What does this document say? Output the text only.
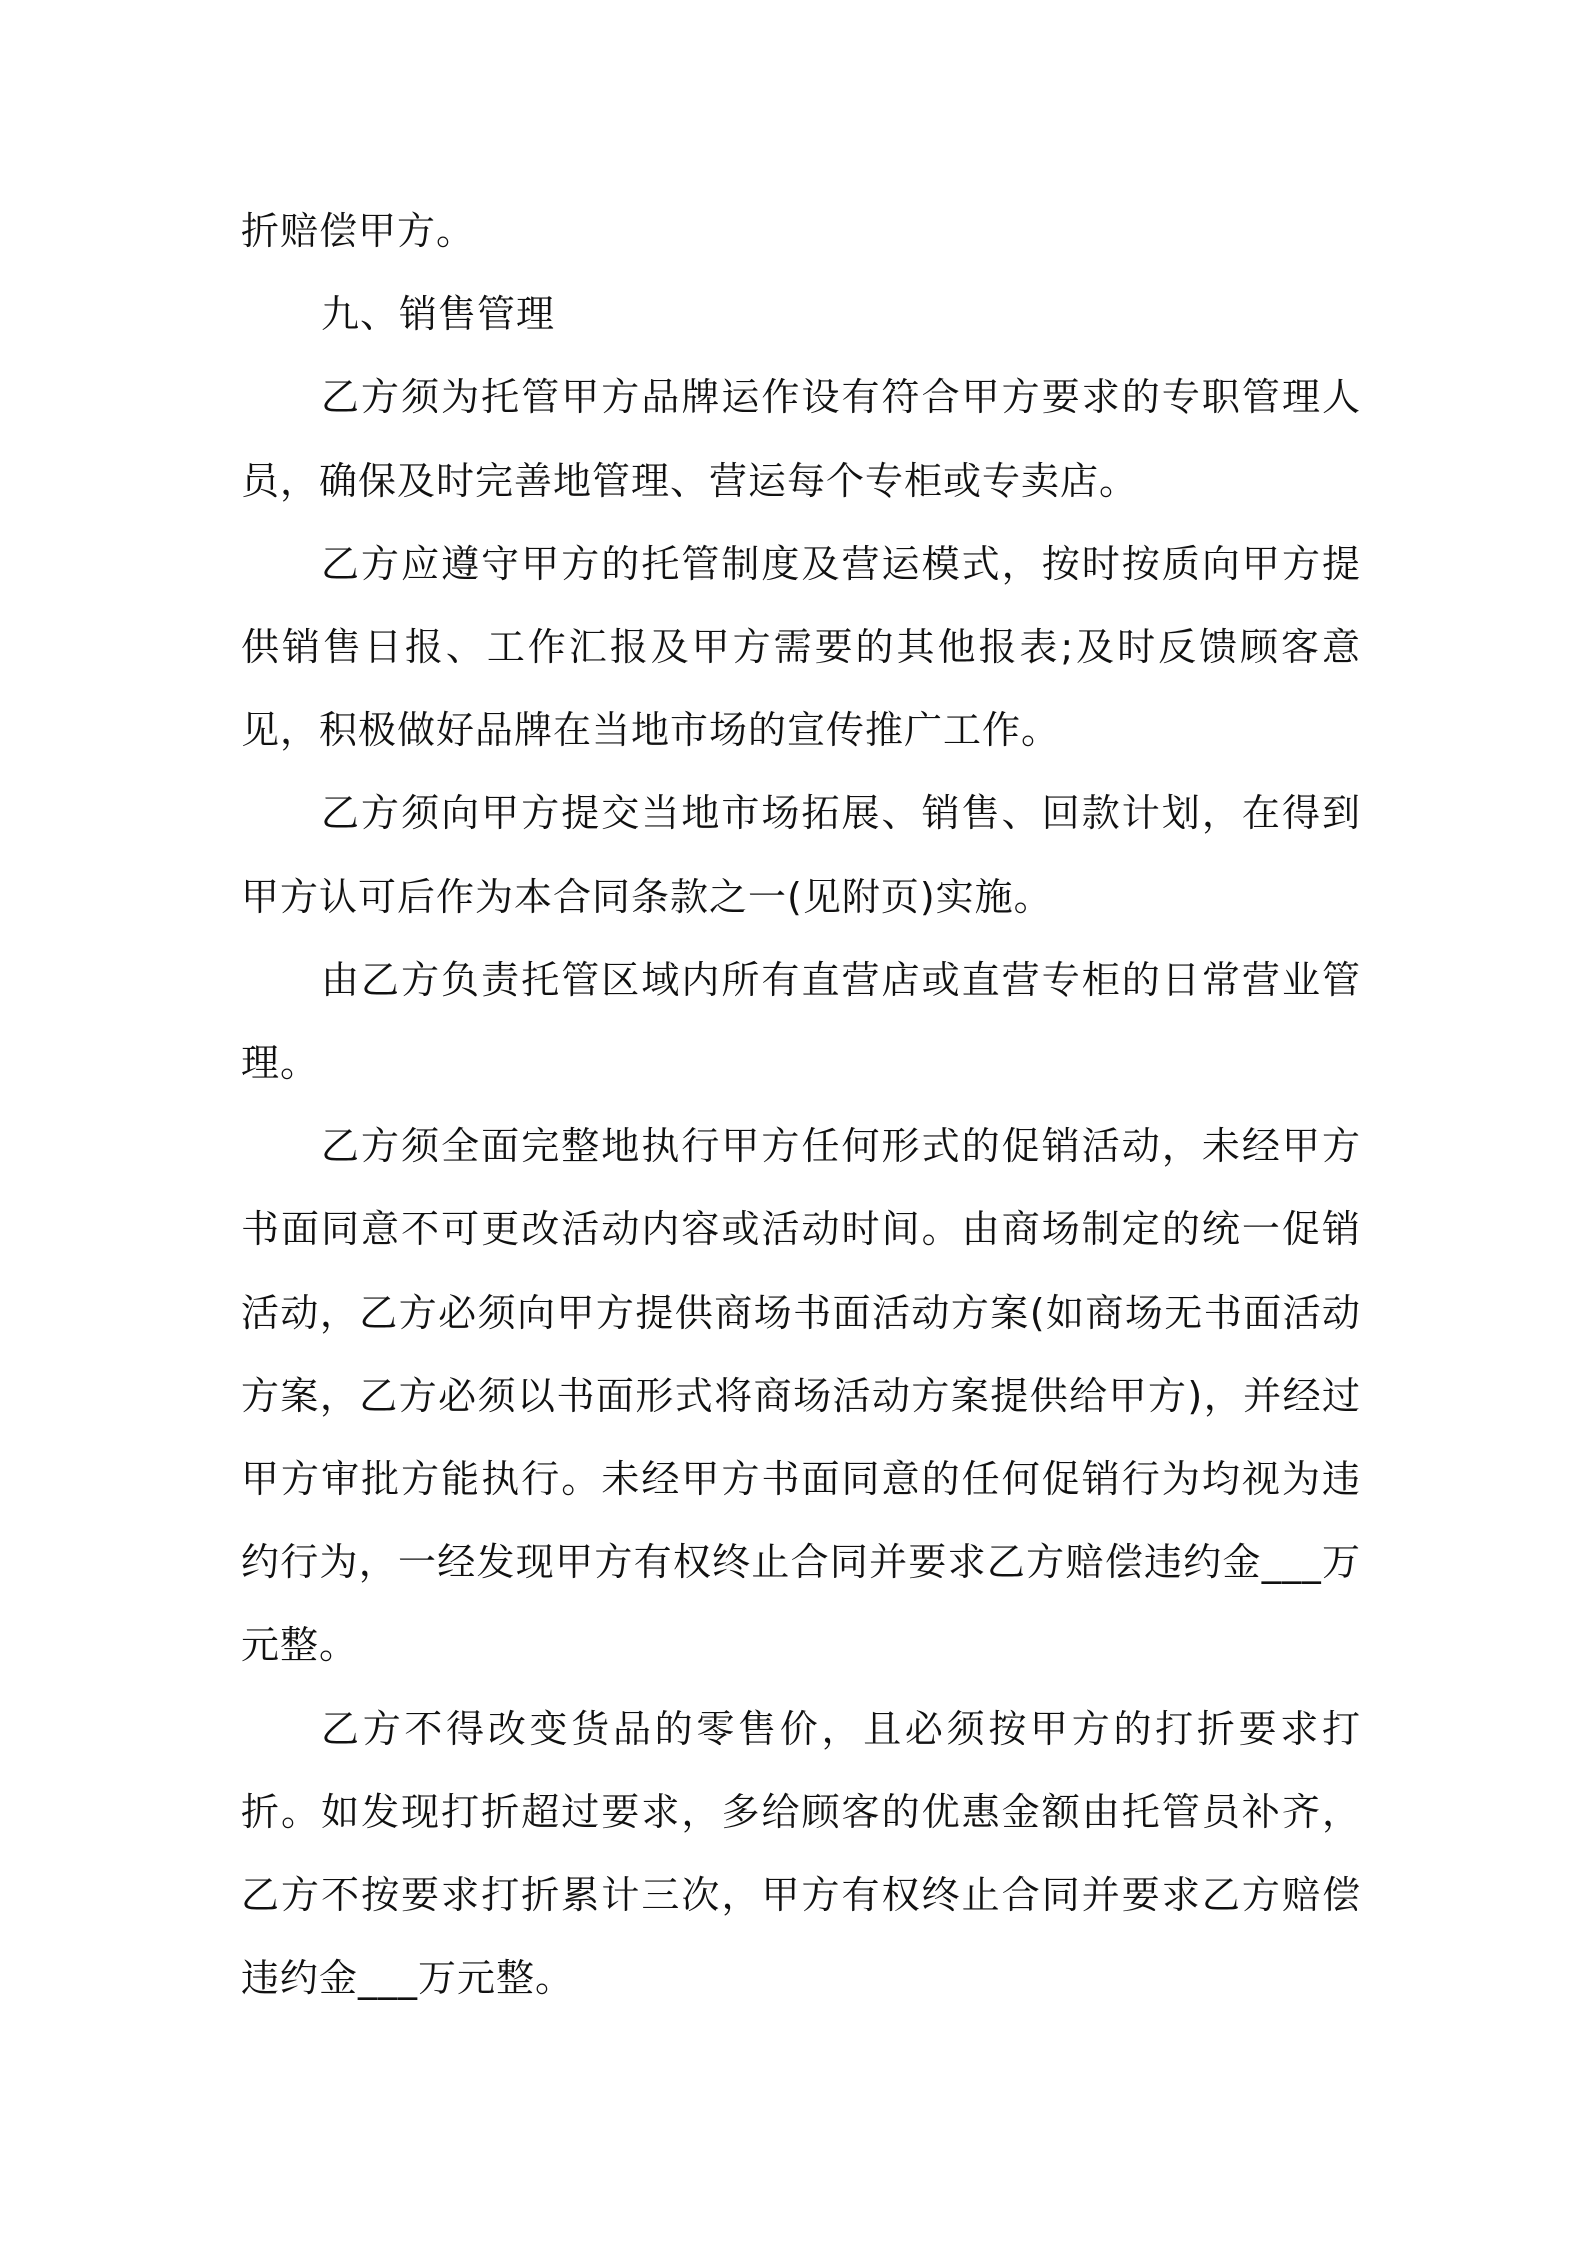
折赔偿甲方。

九、销售管理

乙方须为托管甲方品牌运作设有符合甲方要求的专职管理人员，确保及时完善地管理、营运每个专柜或专卖店。

乙方应遵守甲方的托管制度及营运模式，按时按质向甲方提供销售日报、工作汇报及甲方需要的其他报表;及时反馈顾客意见，积极做好品牌在当地市场的宣传推广工作。

乙方须向甲方提交当地市场拓展、销售、回款计划，在得到甲方认可后作为本合同条款之一(见附页)实施。

由乙方负责托管区域内所有直营店或直营专柜的日常营业管理。

乙方须全面完整地执行甲方任何形式的促销活动，未经甲方书面同意不可更改活动内容或活动时间。由商场制定的统一促销活动，乙方必须向甲方提供商场书面活动方案(如商场无书面活动方案，乙方必须以书面形式将商场活动方案提供给甲方)，并经过甲方审批方能执行。未经甲方书面同意的任何促销行为均视为违约行为，一经发现甲方有权终止合同并要求乙方赔偿违约金___万元整。

乙方不得改变货品的零售价，且必须按甲方的打折要求打折。如发现打折超过要求，多给顾客的优惠金额由托管员补齐，乙方不按要求打折累计三次，甲方有权终止合同并要求乙方赔偿违约金___万元整。
